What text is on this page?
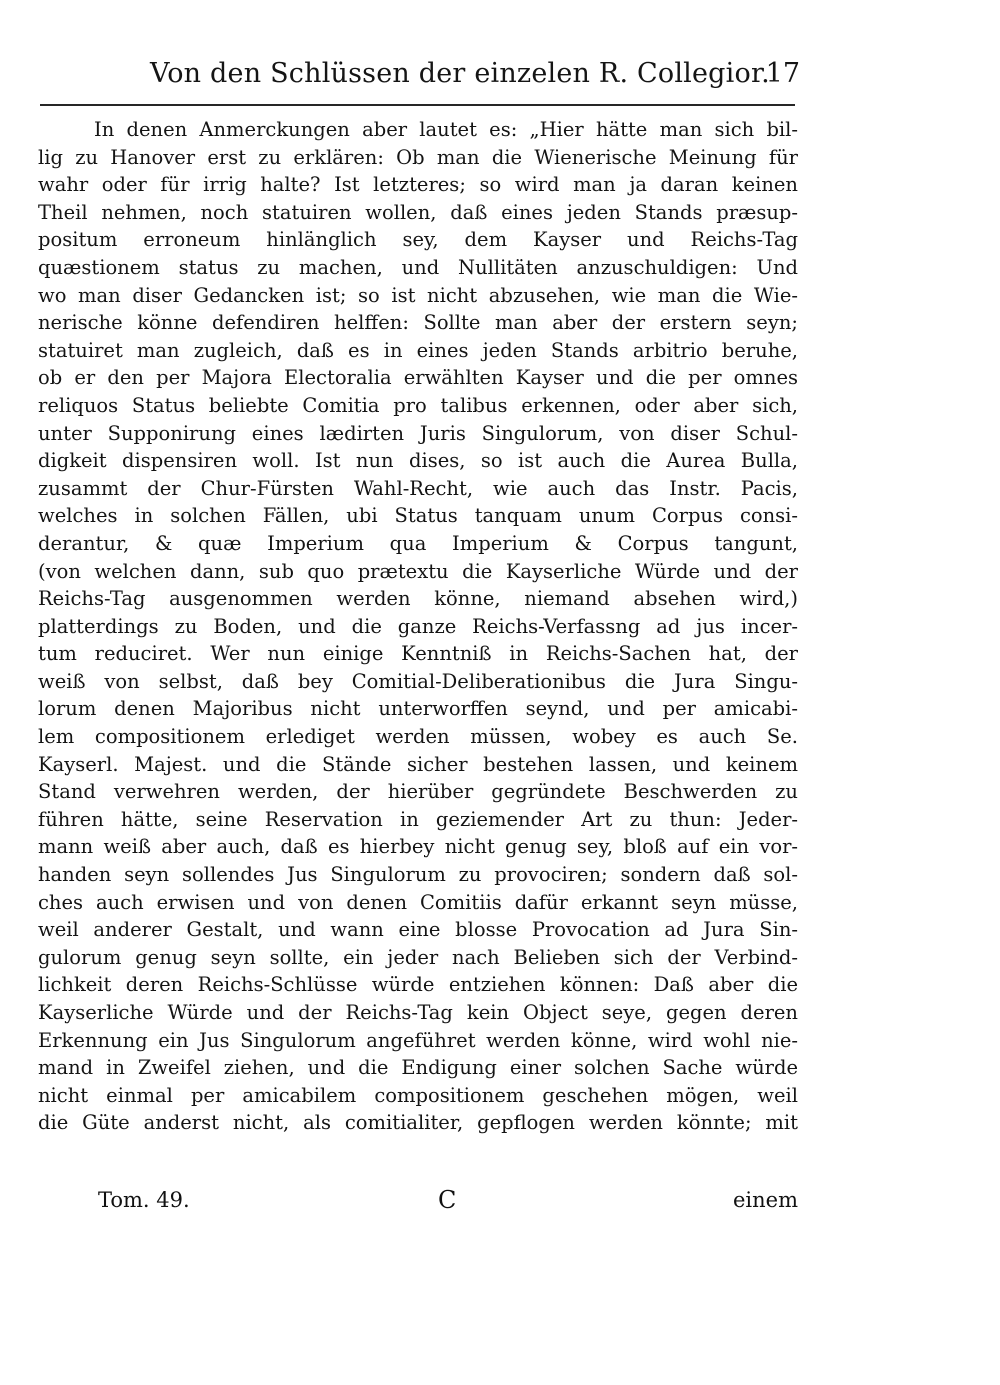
Von den Schlüssen der einzelen R. Collegior.
17
In denen Anmerckungen aber lautet es: „Hier hätte man sich bil-
lig zu Hanover erst zu erklären: Ob man die Wienerische Meinung für
wahr oder für irrig halte? Ist letzteres; so wird man ja daran keinen
Theil nehmen, noch statuiren wollen, daß eines jeden Stands præsup-
positum erroneum hinlänglich sey, dem Kayser und Reichs-Tag
quæstionem status zu machen, und Nullitäten anzuschuldigen: Und
wo man diser Gedancken ist; so ist nicht abzusehen, wie man die Wie-
nerische könne defendiren helffen: Sollte man aber der erstern seyn;
statuiret man zugleich, daß es in eines jeden Stands arbitrio beruhe,
ob er den per Majora Electoralia erwählten Kayser und die per omnes
reliquos Status beliebte Comitia pro talibus erkennen, oder aber sich,
unter Supponirung eines lædirten Juris Singulorum, von diser Schul-
digkeit dispensiren woll. Ist nun dises, so ist auch die Aurea Bulla,
zusammt der Chur-Fürsten Wahl-Recht, wie auch das Instr. Pacis,
welches in solchen Fällen, ubi Status tanquam unum Corpus consi-
derantur, & quæ Imperium qua Imperium & Corpus tangunt,
(von welchen dann, sub quo prætextu die Kayserliche Würde und der
Reichs-Tag ausgenommen werden könne, niemand absehen wird,)
platterdings zu Boden, und die ganze Reichs-Verfassng ad jus incer-
tum reduciret. Wer nun einige Kenntniß in Reichs-Sachen hat, der
weiß von selbst, daß bey Comitial-Deliberationibus die Jura Singu-
lorum denen Majoribus nicht unterworffen seynd, und per amicabi-
lem compositionem erlediget werden müssen, wobey es auch Se.
Kayserl. Majest. und die Stände sicher bestehen lassen, und keinem
Stand verwehren werden, der hierüber gegründete Beschwerden zu
führen hätte, seine Reservation in geziemender Art zu thun: Jeder-
mann weiß aber auch, daß es hierbey nicht genug sey, bloß auf ein vor-
handen seyn sollendes Jus Singulorum zu provociren; sondern daß sol-
ches auch erwisen und von denen Comitiis dafür erkannt seyn müsse,
weil anderer Gestalt, und wann eine blosse Provocation ad Jura Sin-
gulorum genug seyn sollte, ein jeder nach Belieben sich der Verbind-
lichkeit deren Reichs-Schlüsse würde entziehen können: Daß aber die
Kayserliche Würde und der Reichs-Tag kein Object seye, gegen deren
Erkennung ein Jus Singulorum angeführet werden könne, wird wohl nie-
mand in Zweifel ziehen, und die Endigung einer solchen Sache würde
nicht einmal per amicabilem compositionem geschehen mögen, weil
die Güte anderst nicht, als comitialiter, gepflogen werden könnte; mit
Tom. 49.	C	einem
